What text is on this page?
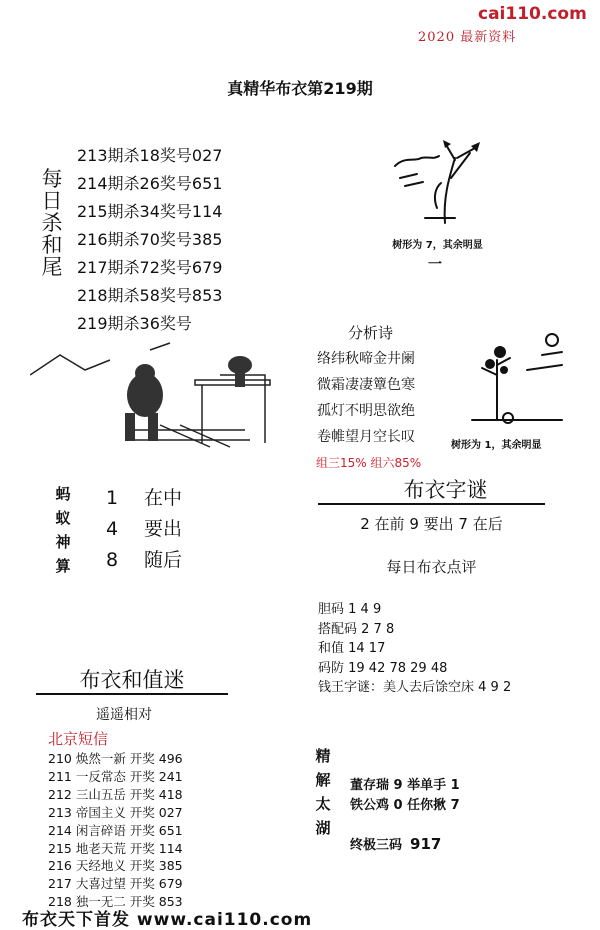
cai110.com
2020 最新资料
真精华布衣第219期
每日杀和尾
213期杀18奖号027
214期杀26奖号651
215期杀34奖号114
216期杀70奖号385
217期杀72奖号679
218期杀58奖号853
219期杀36奖号
树形为 7，其余明显
一
分析诗
络纬秋啼金井阑
微霜凄凄簟色寒
孤灯不明思欲绝
卷帷望月空长叹
树形为 1，其余明显
组三15% 组六85%
蚂蚁神算
1 在中
4 要出
8 随后
布衣字谜
2 在前 9 要出 7 在后
每日布衣点评
胆码 1 4 9
搭配码 2 7 8
和值 14 17
码防 19 42 78 29 48
钱王字谜：美人去后馀空床 4 9 2
布衣和值迷
遥遥相对
北京短信
210 焕然一新 开奖 496
211 一反常态 开奖 241
212 三山五岳 开奖 418
213 帝国主义 开奖 027
214 闲言碎语 开奖 651
215 地老天荒 开奖 114
216 天经地义 开奖 385
217 大喜过望 开奖 679
218 独一无二 开奖 853
精解太湖
董存瑞 9 举单手 1
铁公鸡 0 任你揪 7
终极三码 917
布衣天下首发 www.cai110.com
